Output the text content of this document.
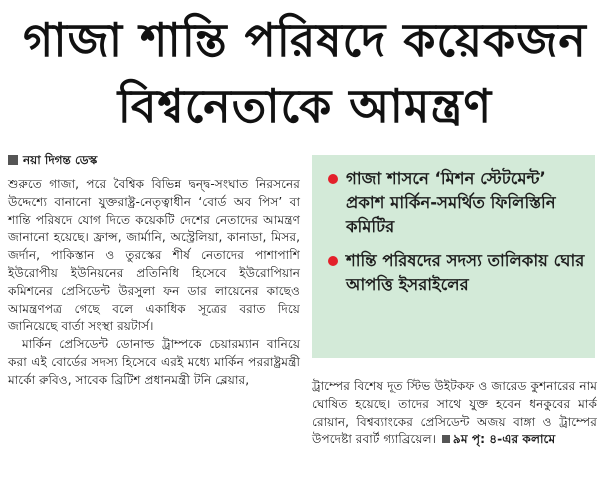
গাজা শান্তি পরিষদে কয়েকজন
বিশ্বনেতাকে আমন্ত্রণ
নয়া দিগন্ত ডেস্ক

শুরুতে গাজা, পরে বৈশ্বিক বিভিন্ন দ্বন্দ্ব-সংঘাত নিরসনের উদ্দেশ্যে বানানো যুক্তরাষ্ট্র-নেতৃত্বাধীন ‘বোর্ড অব পিস’ বা শান্তি পরিষদে যোগ দিতে কয়েকটি দেশের নেতাদের আমন্ত্রণ জানানো হয়েছে। ফ্রান্স, জার্মানি, অস্ট্রেলিয়া, কানাডা, মিসর, জর্দান, পাকিস্তান ও তুরস্কের শীর্ষ নেতাদের পাশাপাশি ইউরোপীয় ইউনিয়নের প্রতিনিধি হিসেবে ইউরোপিয়ান কমিশনের প্রেসিডেন্ট উরসুলা ফন ডার লায়েনের কাছেও আমন্ত্রণপত্র গেছে বলে একাধিক সূত্রের বরাত দিয়ে জানিয়েছে বার্তা সংস্থা রয়টার্স।

মার্কিন প্রেসিডেন্ট ডোনাল্ড ট্রাম্পকে চেয়ারম্যান বানিয়ে করা এই বোর্ডের সদস্য হিসেবে এরই মধ্যে মার্কিন পররাষ্ট্রমন্ত্রী মার্কো রুবিও, সাবেক ব্রিটিশ প্রধানমন্ত্রী টনি ব্লেয়ার,

গাজা শাসনে ‘মিশন স্টেটমেন্ট’ প্রকাশ মার্কিন-সমর্থিত ফিলিস্তিনি কমিটির
শান্তি পরিষদের সদস্য তালিকায় ঘোর আপত্তি ইসরাইলের

ট্রাম্পের বিশেষ দূত স্টিভ উইটকফ ও জারেড কুশনারের নাম ঘোষিত হয়েছে। তাদের সাথে যুক্ত হবেন ধনকুবের মার্ক রোয়ান, বিশ্বব্যাংকের প্রেসিডেন্ট অজয় বাঙ্গা ও ট্রাম্পের উপদেষ্টা রবার্ট গ্যাব্রিয়েল। ৯ম পৃ: ৪-এর কলামে
